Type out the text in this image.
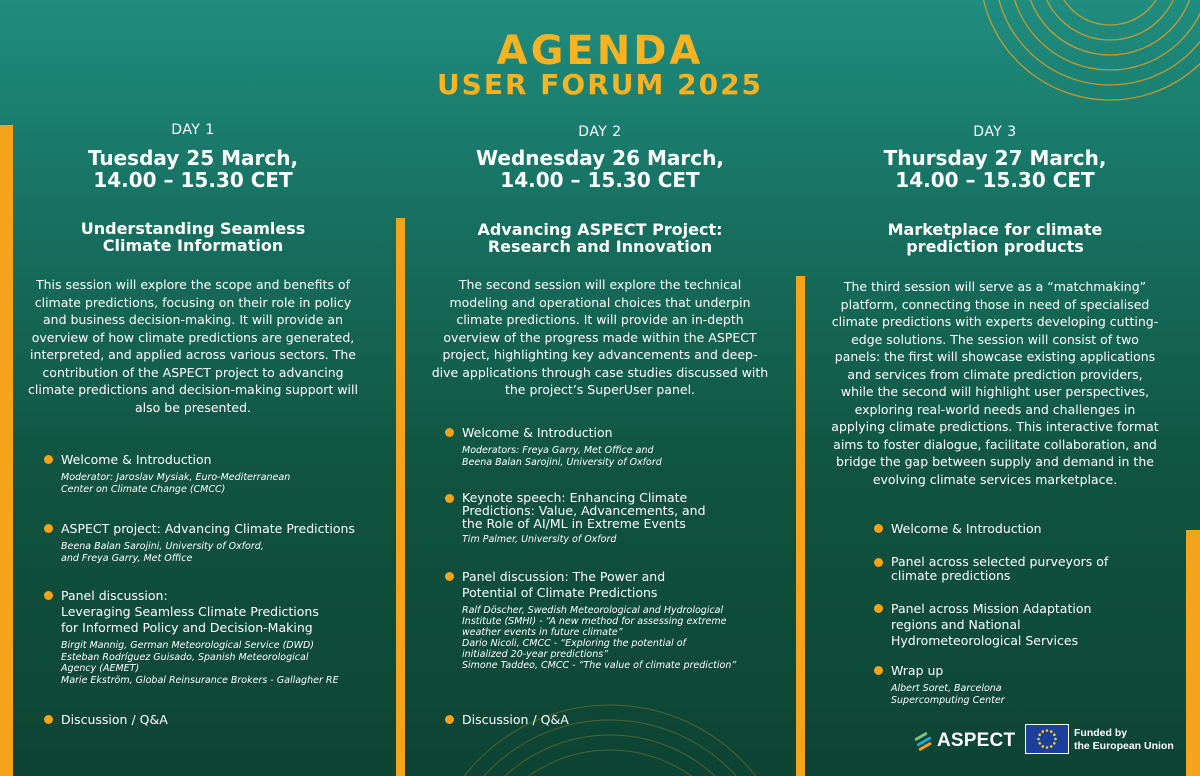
AGENDA
USER FORUM 2025
DAY 1
Tuesday 25 March,
14.00 – 15.30 CET
Understanding Seamless
Climate Information
This session will explore the scope and benefits of climate predictions, focusing on their role in policy and business decision-making. It will provide an overview of how climate predictions are generated, interpreted, and applied across various sectors. The contribution of the ASPECT project to advancing climate predictions and decision-making support will also be presented.
Welcome & Introduction
Moderator: Jaroslav Mysiak, Euro-Mediterranean
Center on Climate Change (CMCC)
ASPECT project: Advancing Climate Predictions
Beena Balan Sarojini, University of Oxford,
and Freya Garry, Met Office
Panel discussion:
Leveraging Seamless Climate Predictions
for Informed Policy and Decision-Making
Birgit Mannig, German Meteorological Service (DWD)
Esteban Rodríguez Guisado, Spanish Meteorological
Agency (AEMET)
Marie Ekström, Global Reinsurance Brokers - Gallagher RE
Discussion / Q&A
DAY 2
Wednesday 26 March,
14.00 – 15.30 CET
Advancing ASPECT Project:
Research and Innovation
The second session will explore the technical modeling and operational choices that underpin climate predictions. It will provide an in-depth overview of the progress made within the ASPECT project, highlighting key advancements and deep-dive applications through case studies discussed with the project’s SuperUser panel.
Welcome & Introduction
Moderators: Freya Garry, Met Office and
Beena Balan Sarojini, University of Oxford
Keynote speech: Enhancing Climate
Predictions: Value, Advancements, and
the Role of AI/ML in Extreme Events
Tim Palmer, University of Oxford
Panel discussion: The Power and
Potential of Climate Predictions
Ralf Döscher, Swedish Meteorological and Hydrological
Institute (SMHI) - “A new method for assessing extreme
weather events in future climate”
Dario Nicoli, CMCC - “Exploring the potential of
initialized 20-year predictions”
Simone Taddeo, CMCC - “The value of climate prediction”
Discussion / Q&A
DAY 3
Thursday 27 March,
14.00 – 15.30 CET
Marketplace for climate
prediction products
The third session will serve as a “matchmaking” platform, connecting those in need of specialised climate predictions with experts developing cutting-edge solutions. The session will consist of two panels: the first will showcase existing applications and services from climate prediction providers, while the second will highlight user perspectives, exploring real-world needs and challenges in applying climate predictions. This interactive format aims to foster dialogue, facilitate collaboration, and bridge the gap between supply and demand in the evolving climate services marketplace.
Welcome & Introduction
Panel across selected purveyors of
climate predictions
Panel across Mission Adaptation
regions and National
Hydrometeorological Services
Wrap up
Albert Soret, Barcelona
Supercomputing Center
ASPECT	Funded by
the European Union
